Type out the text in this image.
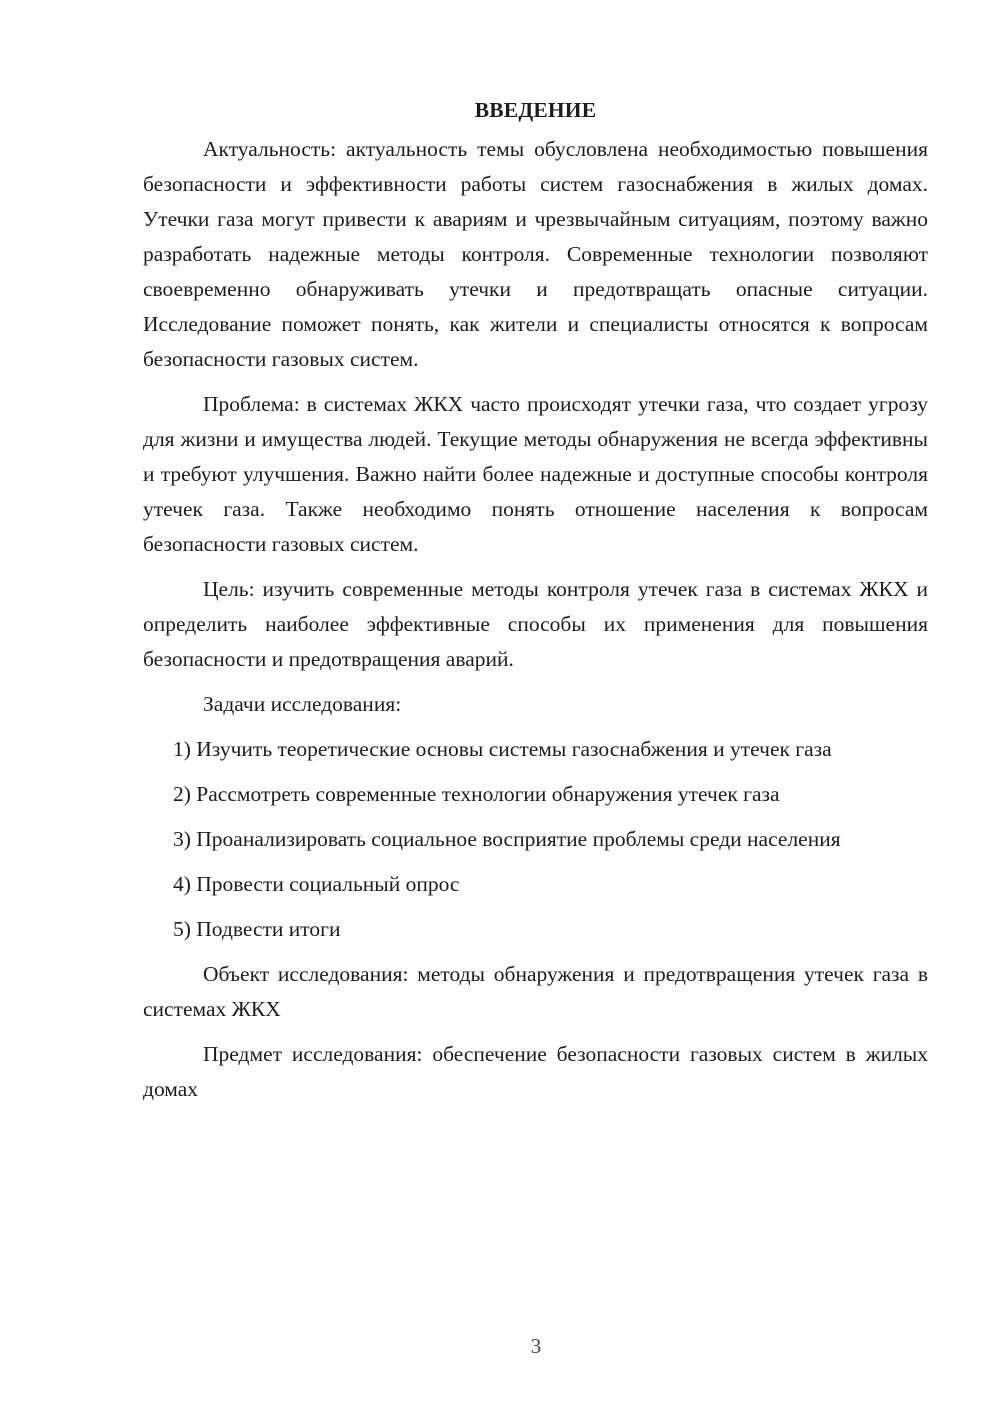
ВВЕДЕНИЕ

Актуальность: актуальность темы обусловлена необходимостью повышения безопасности и эффективности работы систем газоснабжения в жилых домах. Утечки газа могут привести к авариям и чрезвычайным ситуациям, поэтому важно разработать надежные методы контроля. Современные технологии позволяют своевременно обнаруживать утечки и предотвращать опасные ситуации. Исследование поможет понять, как жители и специалисты относятся к вопросам безопасности газовых систем.

Проблема: в системах ЖКХ часто происходят утечки газа, что создает угрозу для жизни и имущества людей. Текущие методы обнаружения не всегда эффективны и требуют улучшения. Важно найти более надежные и доступные способы контроля утечек газа. Также необходимо понять отношение населения к вопросам безопасности газовых систем.

Цель: изучить современные методы контроля утечек газа в системах ЖКХ и определить наиболее эффективные способы их применения для повышения безопасности и предотвращения аварий.

Задачи исследования:

1) Изучить теоретические основы системы газоснабжения и утечек газа

2) Рассмотреть современные технологии обнаружения утечек газа

3) Проанализировать социальное восприятие проблемы среди населения

4) Провести социальный опрос

5) Подвести итоги

Объект исследования: методы обнаружения и предотвращения утечек газа в системах ЖКХ

Предмет исследования: обеспечение безопасности газовых систем в жилых домах

3
